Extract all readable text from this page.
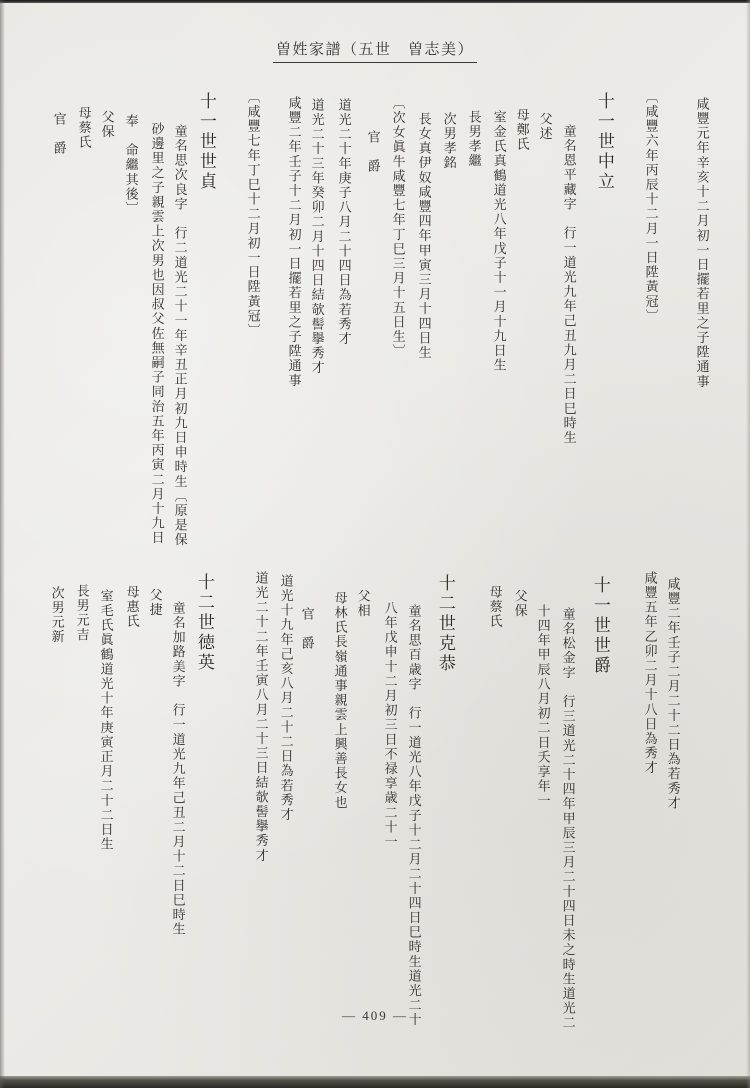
曽姓家譜（五世　曽志美）
咸豐元年辛亥十二月初一日擺若里之子陞通事
〔咸豐六年丙辰十二月一日陞黃冠〕
十一世中立
童名恩平藏字　行一道光九年己丑九月二日巳時生
父述
母鄭氏
室金氏真鶴道光八年戊子十一月十九日生
長男孝繼
次男孝銘
長女真伊奴咸豐四年甲寅三月十四日生
〔次女眞牛咸豐七年丁巳三月十五日生〕
官　爵
道光二十年庚子八月二十四日為若秀才
道光二十三年癸卯二月十四日結欹髻擧秀才
咸豐二年壬子十二月初一日擺若里之子陞通事
〔咸豐七年丁巳十二月初一日陞黃冠〕
十一世世貞
童名思次良字　行二道光二十一年辛丑正月初九日申時生〔原是保
砂邊里之子親雲上次男也因叔父佐無嗣子同治五年丙寅二月十九日
奉　命繼其後〕
父保
母蔡氏
官　爵
咸豐二年壬子二月二十二日為若秀才
咸豐五年乙卯二月十八日為秀才
十一世世爵
童名松金字　行三道光二十四年甲辰三月二十四日未之時生道光二
十四年甲辰八月初二日夭享年一
父保
母蔡氏
十二世克恭
童名思百歳字　行一道光八年戊子十二月二十四日巳時生道光二十
八年戊申十二月初三日不禄享歳二十一
父相
母林氏長嶺通事親雲上興善長女也
官　爵
道光十九年己亥八月二十二日為若秀才
道光二十二年壬寅八月二十三日結欹髻擧秀才
十二世徳英
童名加路美字　行一道光九年己丑二月十二日巳時生
父捷
母惠氏
室毛氏眞鶴道光十年庚寅正月二十二日生
長男元吉
次男元新
— 409 —
